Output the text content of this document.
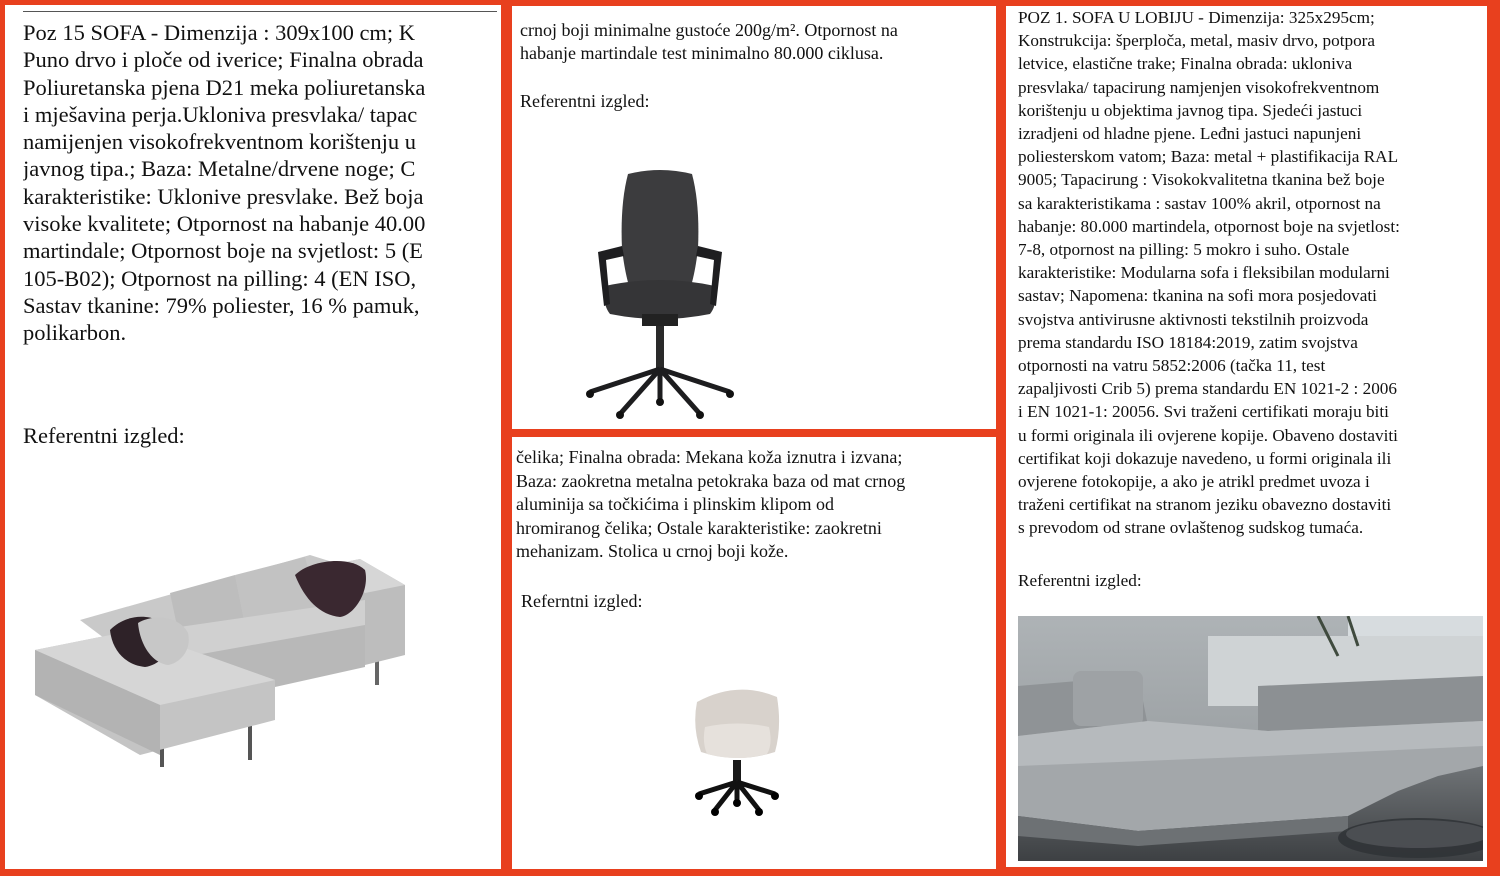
Poz 15 SOFA - Dimenzija : 309x100 cm; K
Puno drvo i ploče od iverice; Finalna obrada
Poliuretanska pjena D21 meka poliuretanska
i mješavina perja.Ukloniva presvlaka/ tapac
namijenjen visokofrekventnom korištenju u
javnog tipa.; Baza: Metalne/drvene noge; C
karakteristike: Uklonive presvlake. Bež boja
visoke kvalitete; Otpornost na habanje 40.00
martindale; Otpornost boje na svjetlost: 5 (E
105-B02); Otpornost na pilling: 4 (EN ISO,
Sastav tkanine: 79% poliester, 16 % pamuk,
polikarbon.

Referentni izgled:

crnoj boji minimalne gustoće 200g/m². Otpornost na
habanje martindale test minimalno 80.000 ciklusa.

Referentni izgled:

čelika; Finalna obrada: Mekana koža iznutra i izvana;
Baza: zaokretna metalna petokraka baza od mat crnog
aluminija sa točkićima i plinskim klipom od
hromiranog čelika; Ostale karakteristike: zaokretni
mehanizam. Stolica u crnoj boji kože.

Referntni izgled:

POZ 1. SOFA U LOBIJU - Dimenzija: 325x295cm;
Konstrukcija: šperploča, metal, masiv drvo, potpora
letvice, elastične trake; Finalna obrada: ukloniva
presvlaka/ tapacirung namjenjen visokofrekventnom
korištenju u objektima javnog tipa. Sjedeći jastuci
izradjeni od hladne pjene. Leđni jastuci napunjeni
poliesterskom vatom; Baza: metal + plastifikacija RAL
9005; Tapacirung : Visokokvalitetna tkanina bež boje
sa karakteristikama : sastav 100% akril, otpornost na
habanje: 80.000 martindela, otpornost boje na svjetlost:
7-8, otpornost na pilling: 5 mokro i suho. Ostale
karakteristike: Modularna sofa i fleksibilan modularni
sastav; Napomena: tkanina na sofi mora posjedovati
svojstva antivirusne aktivnosti tekstilnih proizvoda
prema standardu ISO 18184:2019, zatim svojstva
otpornosti na vatru 5852:2006 (tačka 11, test
zapaljivosti Crib 5) prema standardu EN 1021-2 : 2006
i EN 1021-1: 20056. Svi traženi certifikati moraju biti
u formi originala ili ovjerene kopije. Obaveno dostaviti
certifikat koji dokazuje navedeno, u formi originala ili
ovjerene fotokopije, a ako je atrikl predmet uvoza i
traženi certifikat na stranom jeziku obavezno dostaviti
s prevodom od strane ovlaštenog sudskog tumaća.

Referentni izgled:
